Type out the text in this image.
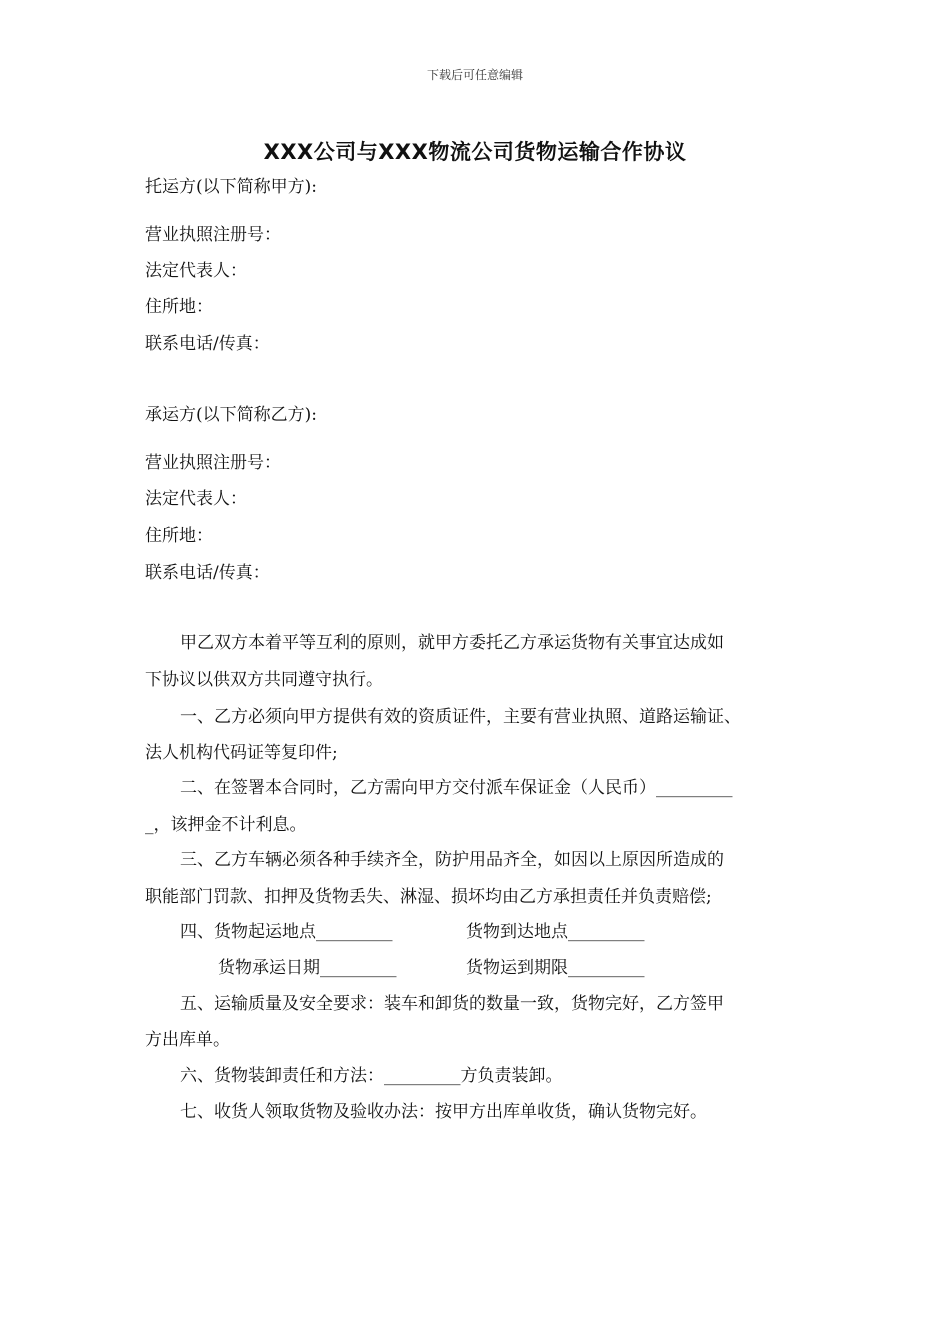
下载后可任意编辑
XXX公司与XXX物流公司货物运输合作协议
托运方(以下简称甲方):
营业执照注册号：
法定代表人：
住所地：
联系电话/传真：
承运方(以下简称乙方):
营业执照注册号：
法定代表人：
住所地：
联系电话/传真：
甲乙双方本着平等互利的原则，就甲方委托乙方承运货物有关事宜达成如
下协议以供双方共同遵守执行。
一、乙方必须向甲方提供有效的资质证件，主要有营业执照、道路运输证、
法人机构代码证等复印件;
二、在签署本合同时，乙方需向甲方交付派车保证金（人民币）_________
_，该押金不计利息。
三、乙方车辆必须各种手续齐全，防护用品齐全，如因以上原因所造成的
职能部门罚款、扣押及货物丢失、淋湿、损坏均由乙方承担责任并负责赔偿;
四、货物起运地点_________	货物到达地点_________
货物承运日期_________	货物运到期限_________
五、运输质量及安全要求：装车和卸货的数量一致，货物完好，乙方签甲
方出库单。
六、货物装卸责任和方法：_________方负责装卸。
七、收货人领取货物及验收办法：按甲方出库单收货，确认货物完好。
